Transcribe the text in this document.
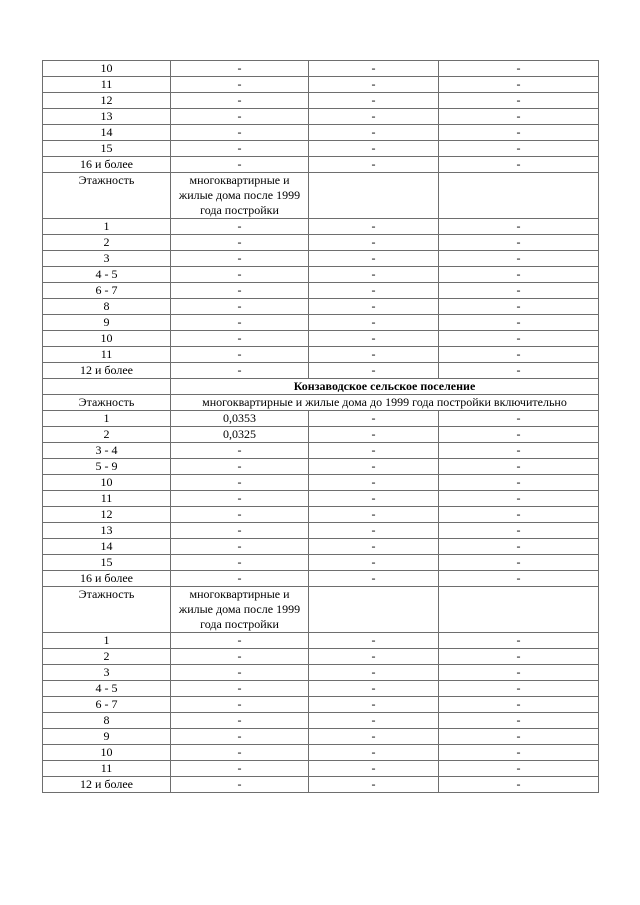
10	-	-	-
11	-	-	-
12	-	-	-
13	-	-	-
14	-	-	-
15	-	-	-
16 и более	-	-	-
Этажность	многоквартирные и жилые дома после 1999 года постройки		
1	-	-	-
2	-	-	-
3	-	-	-
4 - 5	-	-	-
6 - 7	-	-	-
8	-	-	-
9	-	-	-
10	-	-	-
11	-	-	-
12 и более	-	-	-
	Конзаводское сельское поселение		
Этажность	многоквартирные и жилые дома до 1999 года постройки включительно		
1	0,0353	-	-
2	0,0325	-	-
3 - 4	-	-	-
5 - 9	-	-	-
10	-	-	-
11	-	-	-
12	-	-	-
13	-	-	-
14	-	-	-
15	-	-	-
16 и более	-	-	-
Этажность	многоквартирные и жилые дома после 1999 года постройки		
1	-	-	-
2	-	-	-
3	-	-	-
4 - 5	-	-	-
6 - 7	-	-	-
8	-	-	-
9	-	-	-
10	-	-	-
11	-	-	-
12 и более	-	-	-
